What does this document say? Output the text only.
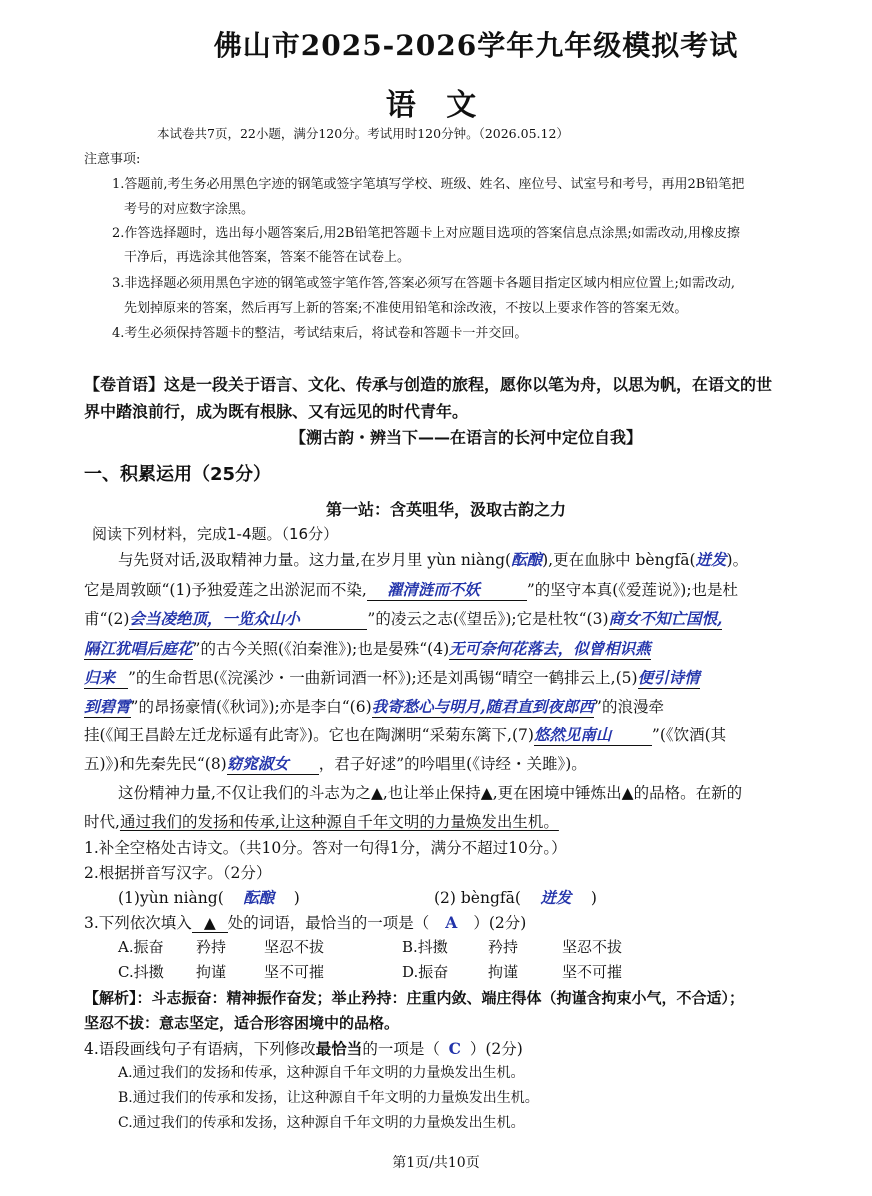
佛山市2025-2026学年九年级模拟考试
语 文
本试卷共7页，22小题，满分120分。考试用时120分钟。（2026.05.12）
注意事项:
1.答题前,考生务必用黑色字迹的钢笔或签字笔填写学校、班级、姓名、座位号、试室号和考号，再用2B铅笔把
考号的对应数字涂黑。
2.作答选择题时，选出每小题答案后,用2B铅笔把答题卡上对应题目选项的答案信息点涂黑;如需改动,用橡皮擦
干净后，再选涂其他答案，答案不能答在试卷上。
3.非选择题必须用黑色字迹的钢笔或签字笔作答,答案必须写在答题卡各题目指定区域内相应位置上;如需改动,
先划掉原来的答案，然后再写上新的答案;不准使用铅笔和涂改液，不按以上要求作答的答案无效。
4.考生必须保持答题卡的整洁，考试结束后，将试卷和答题卡一并交回。
【卷首语】这是一段关于语言、文化、传承与创造的旅程，愿你以笔为舟，以思为帆，在语文的世
界中踏浪前行，成为既有根脉、又有远见的时代青年。
【溯古韵・辨当下——在语言的长河中定位自我】
一、积累运用（25分）
第一站：含英咀华，汲取古韵之力
阅读下列材料，完成1-4题。（16分）
与先贤对话,汲取精神力量。这力量,在岁月里 yùn niàng(酝酿),更在血脉中 bèngfā(迸发)。
它是周敦颐“(1)予独爱莲之出淤泥而不染, 濯清涟而不妖	”的坚守本真(《爱莲说》);也是杜
甫“(2)会当凌绝顶，一览众山小	”的凌云之志(《望岳》);它是杜牧“(3)商女不知亡国恨,
隔江犹唱后庭花”的古今关照(《泊秦淮》);也是晏殊“(4)无可奈何花落去，似曾相识燕
归来 ”的生命哲思(《浣溪沙・一曲新词酒一杯》);还是刘禹锡“晴空一鹤排云上,(5)便引诗情
到碧霄”的昂扬豪情(《秋词》);亦是李白“(6)我寄愁心与明月,随君直到夜郎西”的浪漫牵
挂(《闻王昌龄左迁龙标遥有此寄》)。它也在陶渊明“采菊东篱下,(7)悠然见南山	”(《饮酒(其
五)》)和先秦先民“(8)窈窕淑女 ，君子好逑”的吟唱里(《诗经・关雎》)。
这份精神力量,不仅让我们的斗志为之▲,也让举止保持▲,更在困境中锤炼出▲的品格。在新的
时代,通过我们的发扬和传承,让这种源自千年文明的力量焕发出生机。
1.补全空格处古诗文。（共10分。答对一句得1分，满分不超过10分。）
2.根据拼音写汉字。（2分）
(1)yùn niàng( 酝酿 )	(2) bèngfā( 迸发 )
3.下列依次填入 ▲ 处的词语，最恰当的一项是（ A ）(2分)
A.振奋 矜持	坚忍不拔	B.抖擞	矜持	坚忍不拔
C.抖擞 拘谨	坚不可摧	D.振奋	拘谨	坚不可摧
【解析】：斗志振奋：精神振作奋发；举止矜持：庄重内敛、端庄得体（拘谨含拘束小气，不合适）；
坚忍不拔：意志坚定，适合形容困境中的品格。
4.语段画线句子有语病，下列修改最恰当的一项是（ C ）(2分)
A.通过我们的发扬和传承，这种源自千年文明的力量焕发出生机。
B.通过我们的传承和发扬，让这种源自千年文明的力量焕发出生机。
C.通过我们的传承和发扬，这种源自千年文明的力量焕发出生机。
第1页/共10页
